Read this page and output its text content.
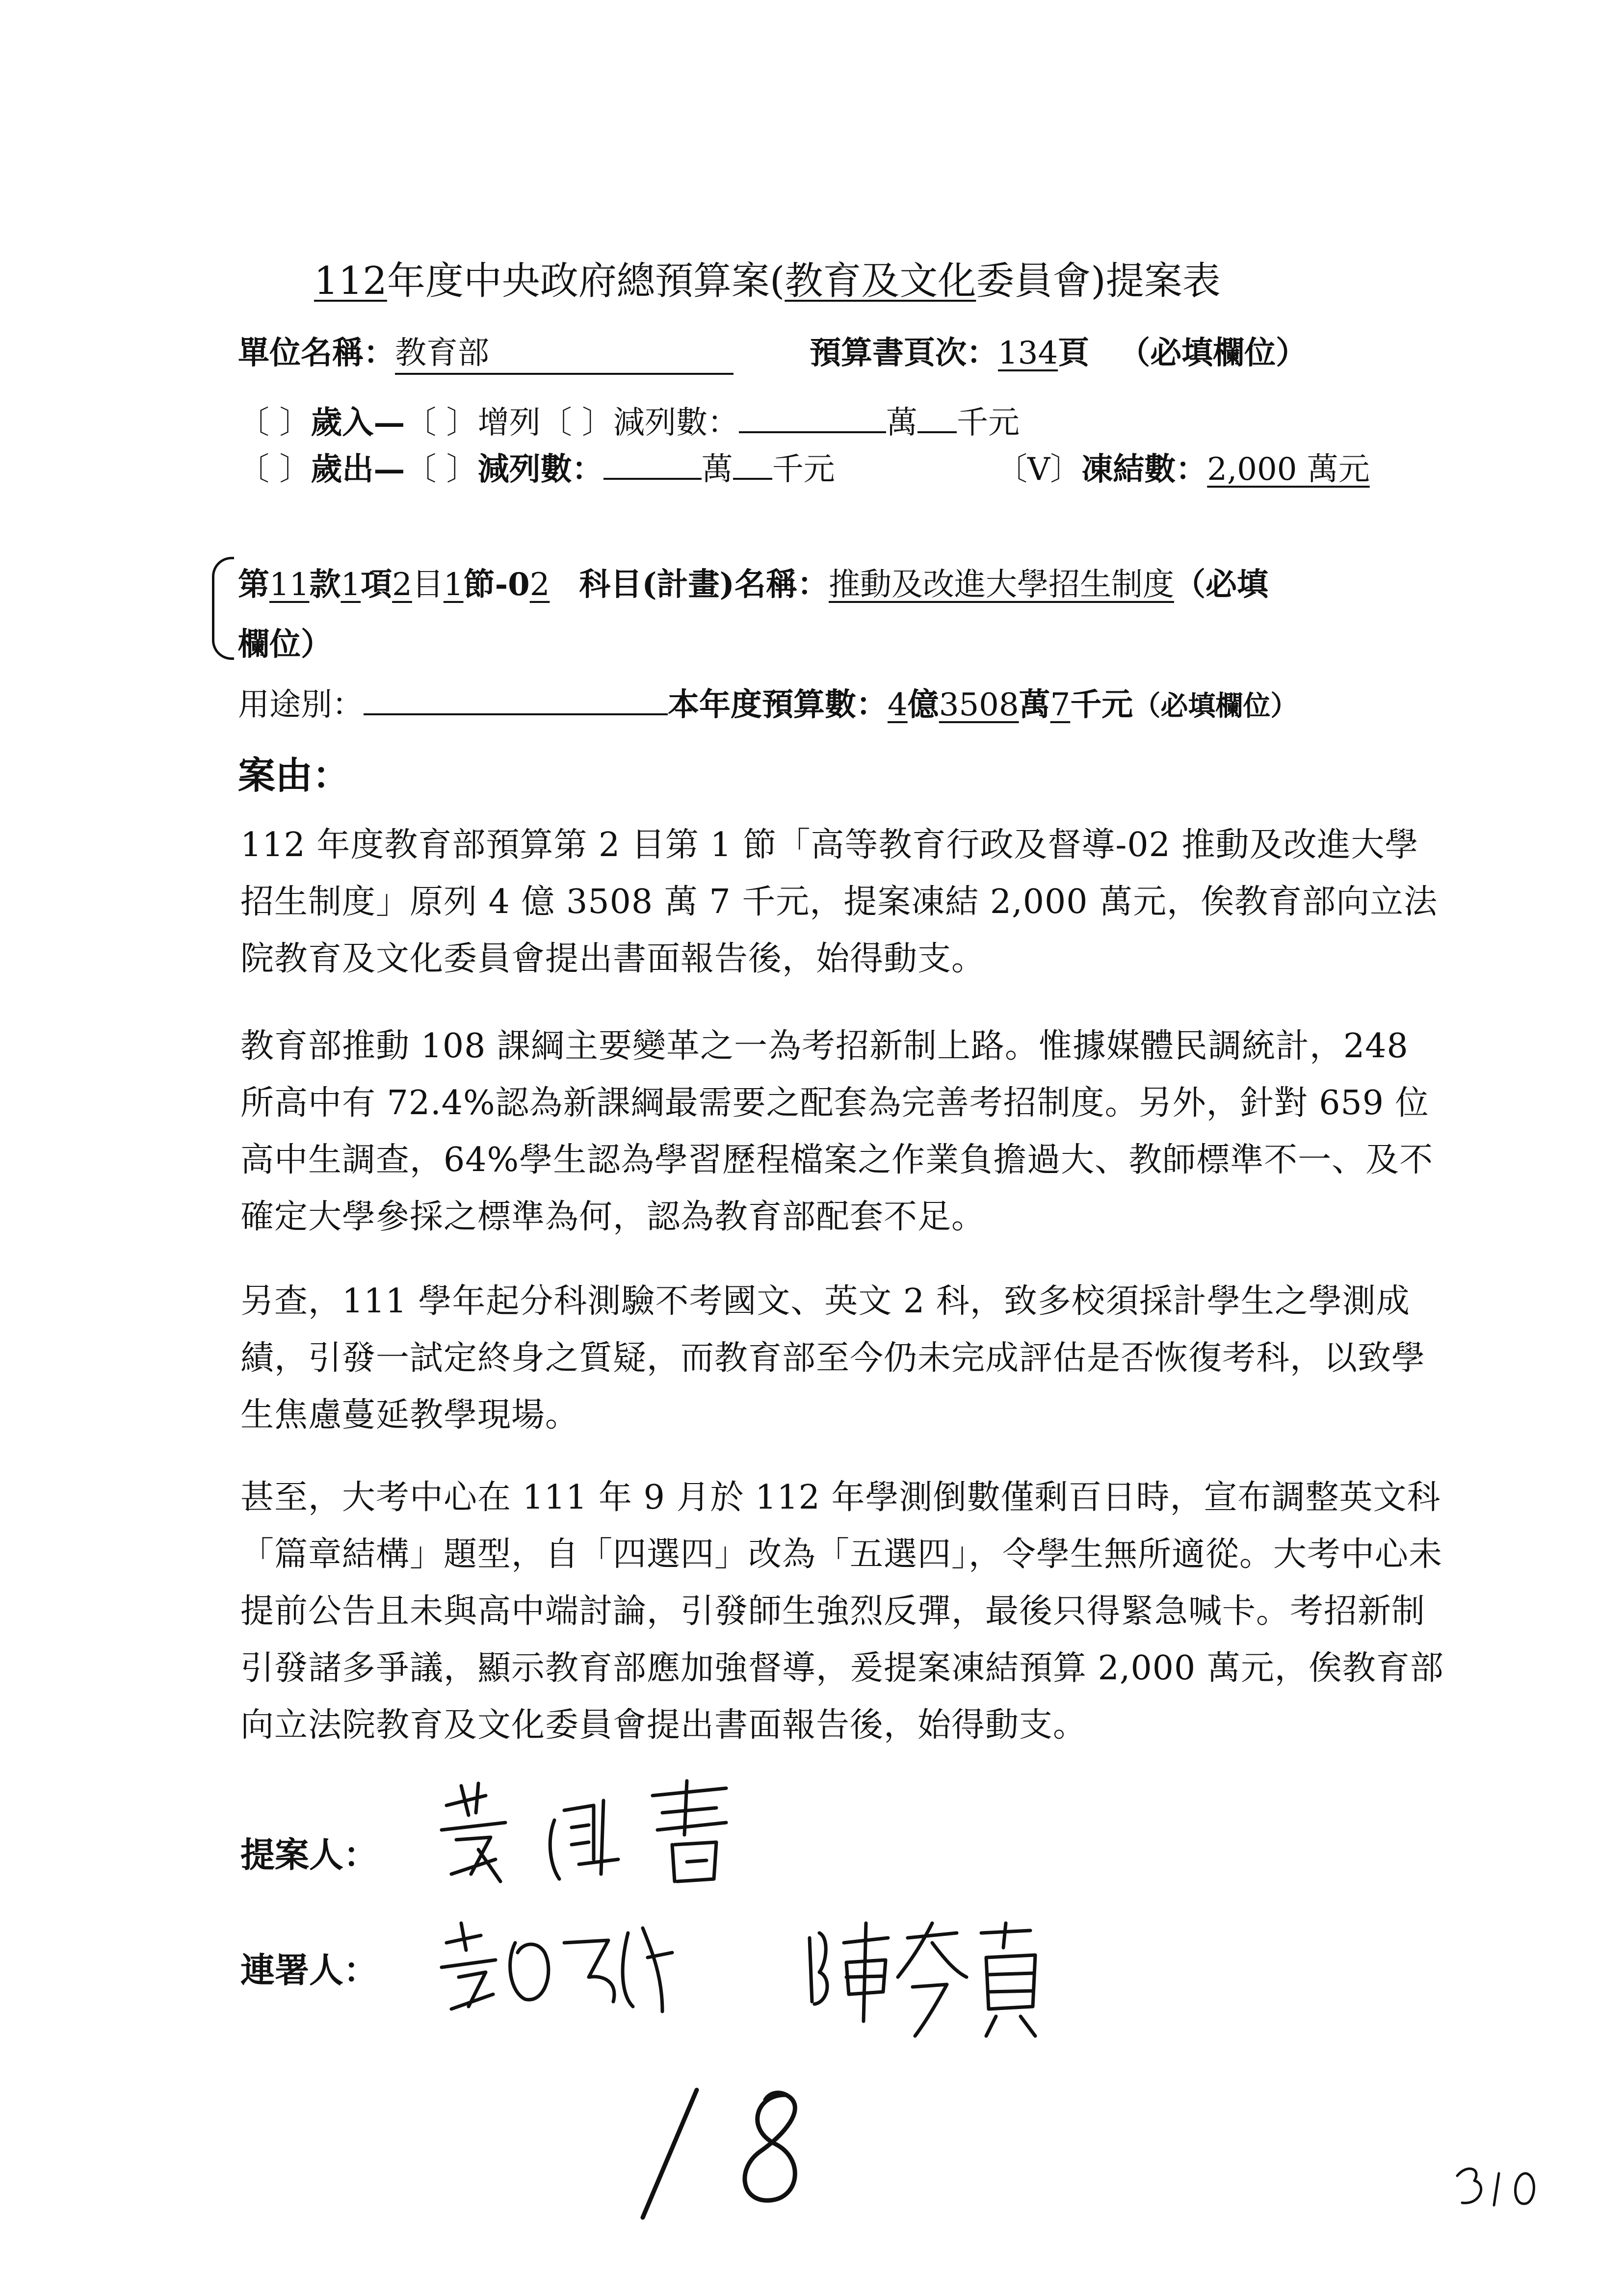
112年度中央政府總預算案(教育及文化委員會)提案表
單位名稱：教育部	預算書頁次：134頁 （必填欄位）
〔 〕歲入—〔 〕增列〔 〕減列數：	萬 千元
〔 〕歲出—〔 〕減列數：	萬 千元	〔V〕凍結數：2,000 萬元
第11款1項2目1節-02 科目(計畫)名稱：推動及改進大學招生制度（必填
欄位）
用途別：	本年度預算數：4億3508萬7千元（必填欄位）
案由：
112 年度教育部預算第 2 目第 1 節「高等教育行政及督導-02 推動及改進大學招生制度」原列 4 億 3508 萬 7 千元，提案凍結 2,000 萬元，俟教育部向立法院教育及文化委員會提出書面報告後，始得動支。
教育部推動 108 課綱主要變革之一為考招新制上路。惟據媒體民調統計，248 所高中有 72.4%認為新課綱最需要之配套為完善考招制度。另外，針對 659 位高中生調查，64%學生認為學習歷程檔案之作業負擔過大、教師標準不一、及不確定大學參採之標準為何，認為教育部配套不足。
另查，111 學年起分科測驗不考國文、英文 2 科，致多校須採計學生之學測成績，引發一試定終身之質疑，而教育部至今仍未完成評估是否恢復考科，以致學生焦慮蔓延教學現場。
甚至，大考中心在 111 年 9 月於 112 年學測倒數僅剩百日時，宣布調整英文科「篇章結構」題型，自「四選四」改為「五選四」，令學生無所適從。大考中心未提前公告且未與高中端討論，引發師生強烈反彈，最後只得緊急喊卡。考招新制引發諸多爭議，顯示教育部應加強督導，爰提案凍結預算 2,000 萬元，俟教育部向立法院教育及文化委員會提出書面報告後，始得動支。
提案人：
連署人：
